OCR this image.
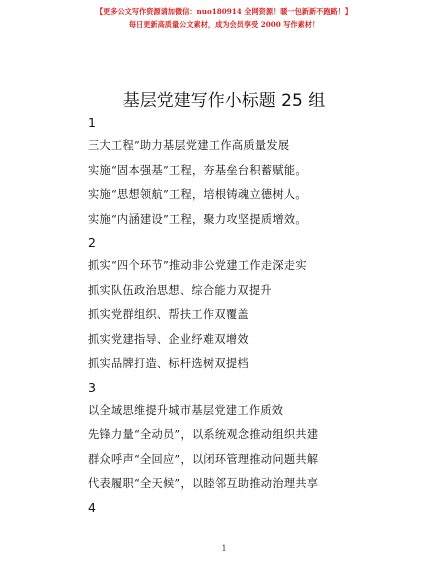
【更多公文写作资源请加微信：nuo180914 全网资源！暖一包新新不跑路！】
每日更新高质量公文素材，成为会员享受 2000 写作素材！
基层党建写作小标题 25 组
1
三大工程”助力基层党建工作高质量发展
实施“固本强基”工程，夯基垒台积蓄赋能。
实施“思想领航”工程，培根铸魂立德树人。
实施“内涵建设”工程，聚力攻坚提质增效。
2
抓实“四个环节”推动非公党建工作走深走实
抓实队伍政治思想、综合能力双提升
抓实党群组织、帮扶工作双覆盖
抓实党建指导、企业纾难双增效
抓实品牌打造、标杆选树双提档
3
以全域思维提升城市基层党建工作质效
先锋力量“全动员”，以系统观念推动组织共建
群众呼声“全回应”，以闭环管理推动问题共解
代表履职“全天候”，以睦邻互助推动治理共享
4
1
